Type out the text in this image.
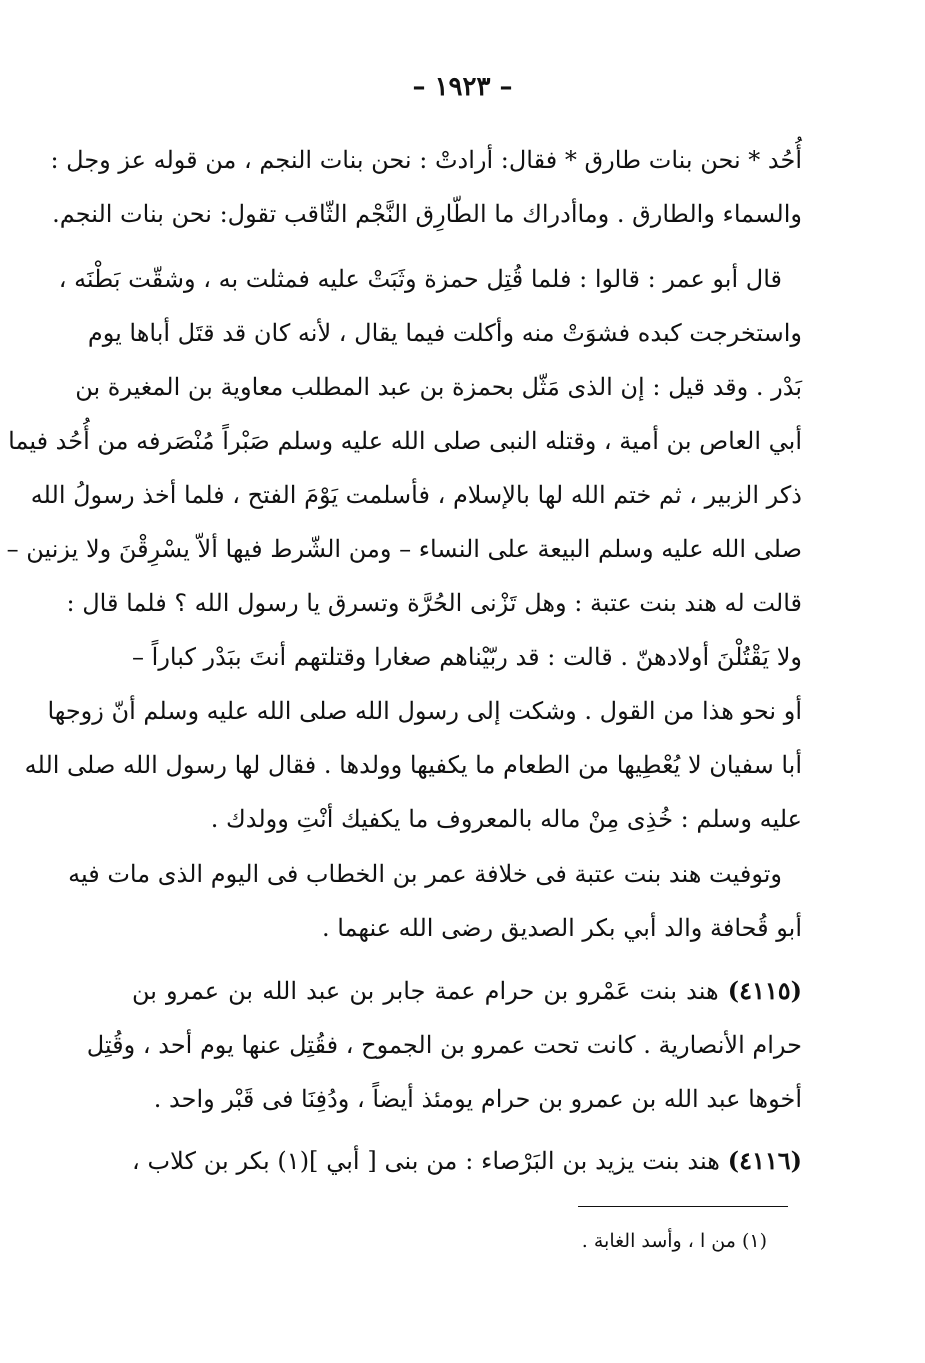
– ١٩٢٣ –
أُحُد * نحن بنات طارق * فقال: أرادتْ : نحن بنات النجم ، من قوله عز وجل :
والسماء والطارق . وماأدراك ما الطّارِق النَّجْم الثّاقب تقول: نحن بنات النجم.
قال أبو عمر : قالوا : فلما قُتِل حمزة وثَبَتْ عليه فمثلت به ، وشقّت بَطْنَه ،
واستخرجت كبده فشوَتْ منه وأكلت فيما يقال ، لأنه كان قد قتَل أباها يوم
بَدْر . وقد قيل : إن الذى مَثّل بحمزة بن عبد المطلب معاوية بن المغيرة بن
أبي العاص بن أمية ، وقتله النبى صلى الله عليه وسلم صَبْراً مُنْصَرفه من أُحُد فيما
ذكر الزبير ، ثم ختم الله لها بالإسلام ، فأسلمت يَوْمَ الفتح ، فلما أخذ رسولُ الله
صلى الله عليه وسلم البيعة على النساء – ومن الشّرط فيها ألاّ يسْرِقْنَ ولا يزنين –
قالت له هند بنت عتبة : وهل تَزْنى الحُرَّة وتسرق يا رسول الله ؟ فلما قال :
ولا يَقْتُلْنَ أولادهنّ . قالت : قد ربّيْناهم صغارا وقتلتهم أنتَ ببَدْر كباراً –
أو نحو هذا من القول . وشكت إلى رسول الله صلى الله عليه وسلم أنّ زوجها
أبا سفيان لا يُعْطِيها من الطعام ما يكفيها وولدها . فقال لها رسول الله صلى الله
عليه وسلم : خُذِى مِنْ ماله بالمعروف ما يكفيك أنْتِ وولدك .
وتوفيت هند بنت عتبة فى خلافة عمر بن الخطاب فى اليوم الذى مات فيه
أبو قُحافة والد أبي بكر الصديق رضى الله عنهما .
(٤١١٥) هند بنت عَمْرو بن حرام عمة جابر بن عبد الله بن عمرو بن
حرام الأنصارية . كانت تحت عمرو بن الجموح ، فقُتِل عنها يوم أحد ، وقُتِل
أخوها عبد الله بن عمرو بن حرام يومئذ أيضاً ، ودُفِنَا فى قَبْر واحد .
(٤١١٦) هند بنت يزيد بن البَرْصاء : من بنى [ أبي ](١) بكر بن كلاب ،
(١) من ا ، وأسد الغابة .
